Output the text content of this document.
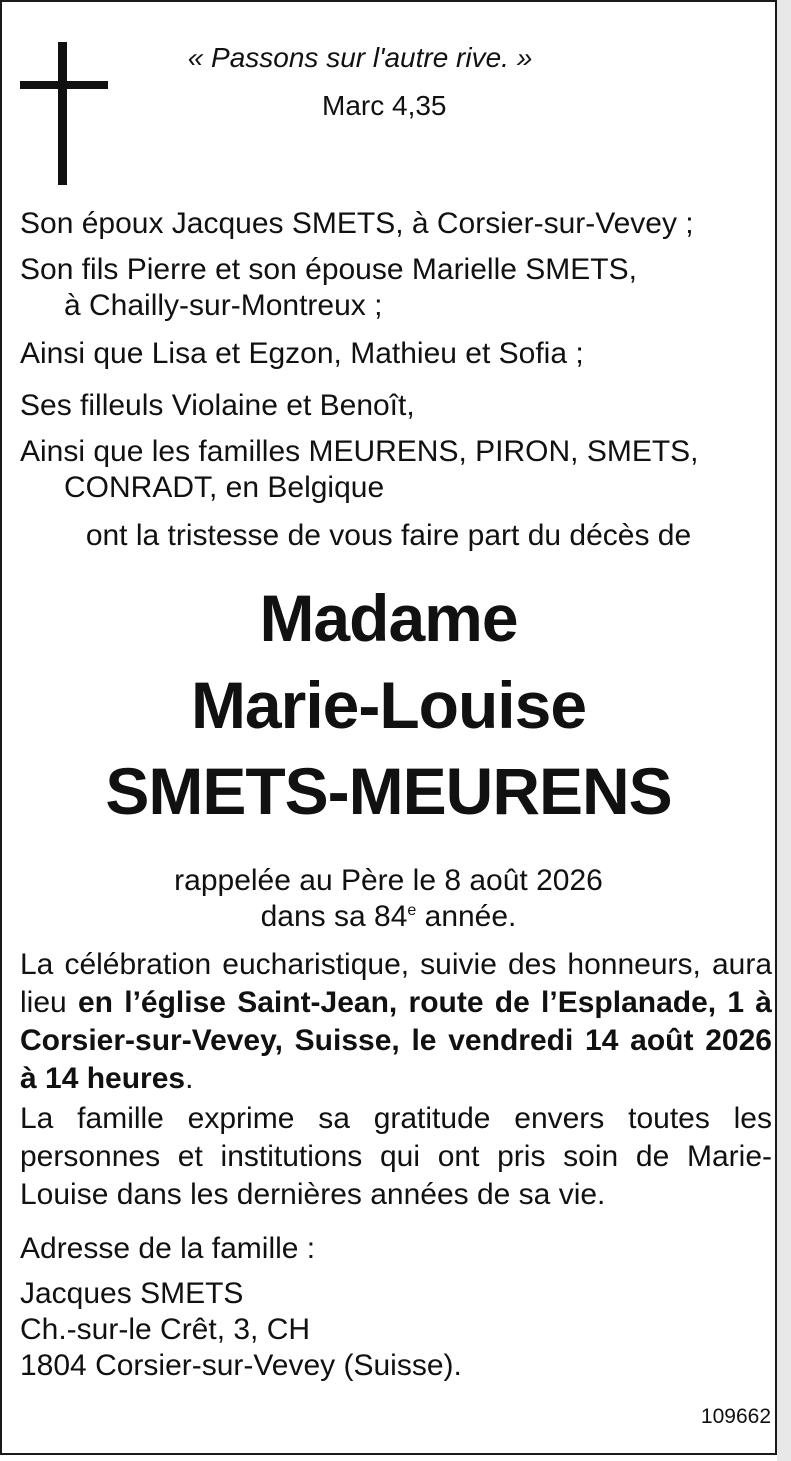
« Passons sur l'autre rive. »
Marc 4,35
Son époux Jacques SMETS, à Corsier-sur-Vevey ;
Son fils Pierre et son épouse Marielle SMETS,
à Chailly-sur-Montreux ;
Ainsi que Lisa et Egzon, Mathieu et Sofia ;
Ses filleuls Violaine et Benoît,
Ainsi que les familles MEURENS, PIRON, SMETS,
CONRADT, en Belgique
ont la tristesse de vous faire part du décès de
Madame
Marie-Louise
SMETS-MEURENS
rappelée au Père le 8 août 2026
dans sa 84e année.
La célébration eucharistique, suivie des honneurs, aura lieu en l’église Saint-Jean, route de l’Esplanade, 1 à Corsier-sur-Vevey, Suisse, le vendredi 14 août 2026 à 14 heures.
La famille exprime sa gratitude envers toutes les personnes et institutions qui ont pris soin de Marie-Louise dans les dernières années de sa vie.
Adresse de la famille :
Jacques SMETS
Ch.-sur-le Crêt, 3, CH
1804 Corsier-sur-Vevey (Suisse).
109662
